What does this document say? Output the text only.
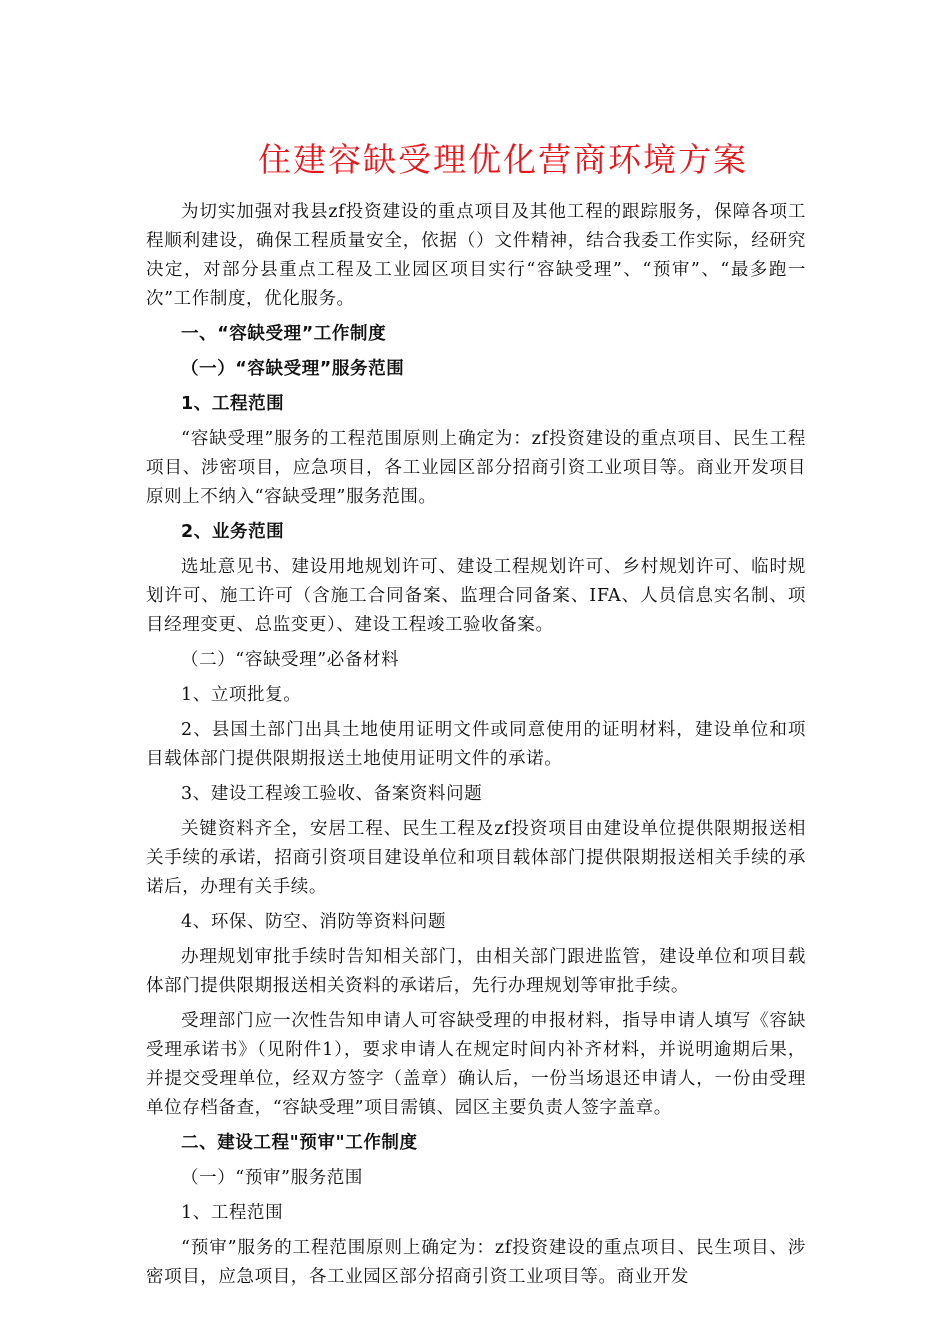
住建容缺受理优化营商环境方案

为切实加强对我县zf投资建设的重点项目及其他工程的跟踪服务，保障各项工程顺利建设，确保工程质量安全，依据（）文件精神，结合我委工作实际，经研究决定，对部分县重点工程及工业园区项目实行“容缺受理”、“预审”、“最多跑一次”工作制度，优化服务。

一、“容缺受理”工作制度

（一）“容缺受理”服务范围

1、工程范围

“容缺受理”服务的工程范围原则上确定为：zf投资建设的重点项目、民生工程项目、涉密项目，应急项目，各工业园区部分招商引资工业项目等。商业开发项目原则上不纳入“容缺受理”服务范围。

2、业务范围

选址意见书、建设用地规划许可、建设工程规划许可、乡村规划许可、临时规划许可、施工许可（含施工合同备案、监理合同备案、IFA、人员信息实名制、项目经理变更、总监变更）、建设工程竣工验收备案。

（二）“容缺受理”必备材料

1、立项批复。

2、县国土部门出具土地使用证明文件或同意使用的证明材料，建设单位和项目载体部门提供限期报送土地使用证明文件的承诺。

3、建设工程竣工验收、备案资料问题

关键资料齐全，安居工程、民生工程及zf投资项目由建设单位提供限期报送相关手续的承诺，招商引资项目建设单位和项目载体部门提供限期报送相关手续的承诺后，办理有关手续。

4、环保、防空、消防等资料问题

办理规划审批手续时告知相关部门，由相关部门跟进监管，建设单位和项目载体部门提供限期报送相关资料的承诺后，先行办理规划等审批手续。

受理部门应一次性告知申请人可容缺受理的申报材料，指导申请人填写《容缺受理承诺书》（见附件1），要求申请人在规定时间内补齐材料，并说明逾期后果，并提交受理单位，经双方签字（盖章）确认后，一份当场退还申请人，一份由受理单位存档备查，“容缺受理”项目需镇、园区主要负责人签字盖章。

二、建设工程"预审"工作制度

（一）“预审”服务范围

1、工程范围

“预审”服务的工程范围原则上确定为：zf投资建设的重点项目、民生项目、涉密项目，应急项目，各工业园区部分招商引资工业项目等。商业开发
